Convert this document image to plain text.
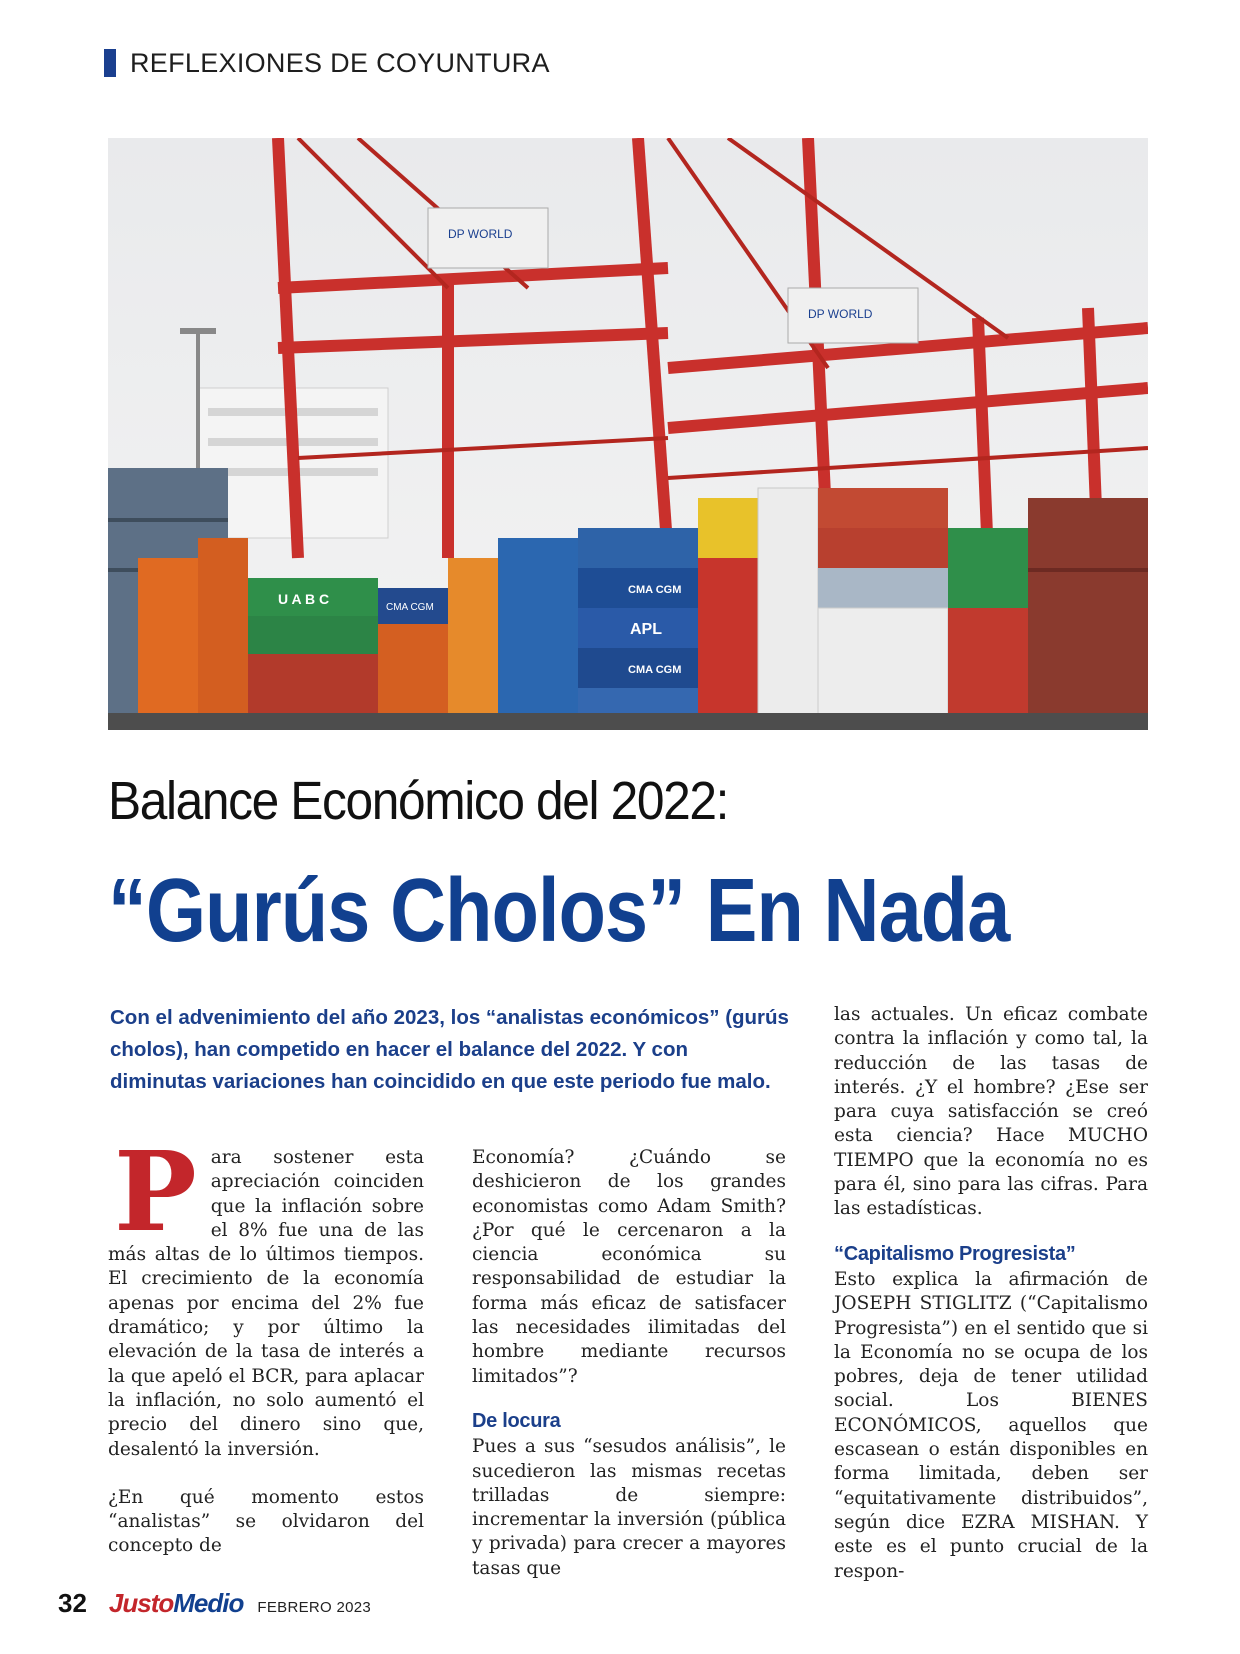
REFLEXIONES DE COYUNTURA
DP WORLD
DP WORLD
U A B C
CMA CGM
CMA CGM
APL
CMA CGM
Balance Económico del 2022:
“Gurús Cholos” En Nada
Con el advenimiento del año 2023, los “analistas económicos” (gurús cholos), han competido en hacer el balance del 2022. Y con diminutas variaciones han coincidido en que este periodo fue malo.

Para sostener esta apreciación coinciden que la inflación sobre el 8% fue una de las más altas de lo últimos tiempos. El crecimiento de la economía apenas por encima del 2% fue dramático; y por último la elevación de la tasa de interés a la que apeló el BCR, para aplacar la inflación, no solo aumentó el precio del dinero sino que, desalentó la inversión.

¿En qué momento estos “analistas” se olvidaron del concepto de

Economía? ¿Cuándo se deshicieron de los grandes economistas como Adam Smith? ¿Por qué le cercenaron a la ciencia económica su responsabilidad de estudiar la forma más eficaz de satisfacer las necesidades ilimitadas del hombre mediante recursos limitados”?

De locura

Pues a sus “sesudos análisis”, le sucedieron las mismas recetas trilladas de siempre: incrementar la inversión (pública y privada) para crecer a mayores tasas que

las actuales. Un eficaz combate contra la inflación y como tal, la reducción de las tasas de interés. ¿Y el hombre? ¿Ese ser para cuya satisfacción se creó esta ciencia? Hace MUCHO TIEMPO que la economía no es para él, sino para las cifras. Para las estadísticas.

“Capitalismo Progresista”

Esto explica la afirmación de JOSEPH STIGLITZ (“Capitalismo Progresista”) en el sentido que si la Economía no se ocupa de los pobres, deja de tener utilidad social. Los BIENES ECONÓMICOS, aquellos que escasean o están disponibles en forma limitada, deben ser “equitativamente distribuidos”, según dice EZRA MISHAN. Y este es el punto crucial de la respon-

32 JustoMedio FEBRERO 2023
